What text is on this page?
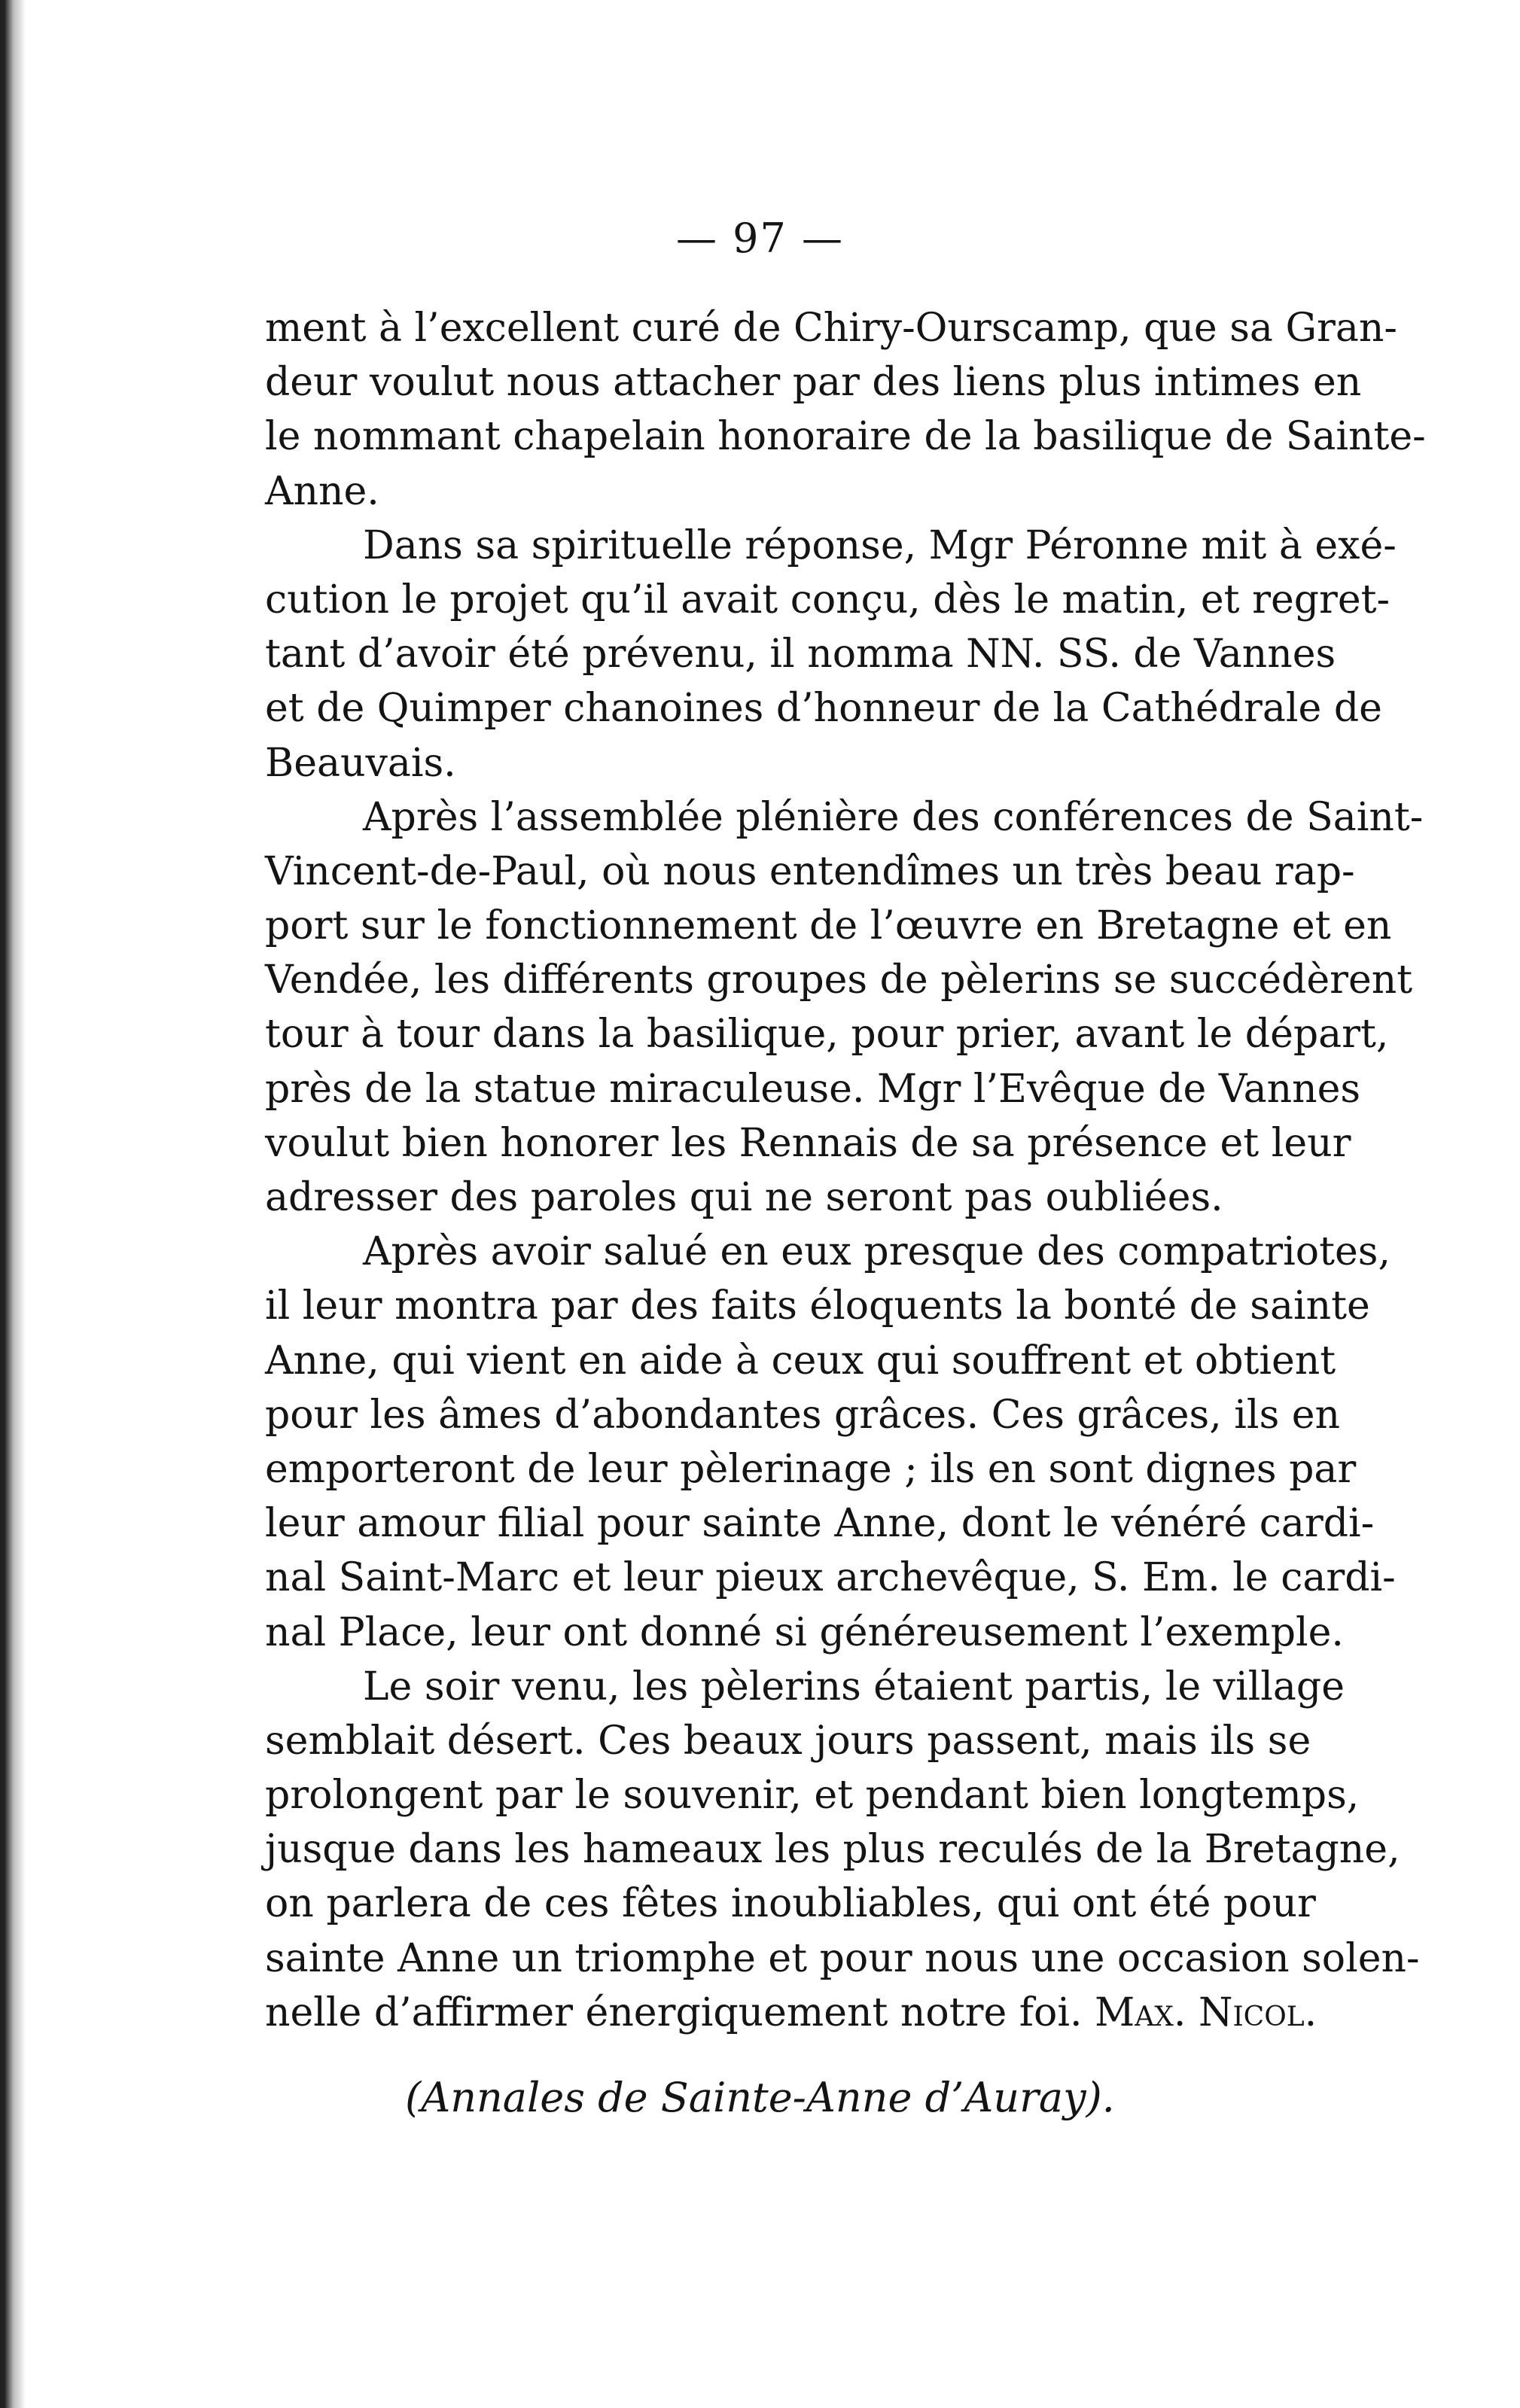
— 97 —
ment à l’excellent curé de Chiry-Ourscamp, que sa Gran-
deur voulut nous attacher par des liens plus intimes en
le nommant chapelain honoraire de la basilique de Sainte-
Anne.
Dans sa spirituelle réponse, Mgr Péronne mit à exé-
cution le projet qu’il avait conçu, dès le matin, et regret-
tant d’avoir été prévenu, il nomma NN. SS. de Vannes
et de Quimper chanoines d’honneur de la Cathédrale de
Beauvais.
Après l’assemblée plénière des conférences de Saint-
Vincent-de-Paul, où nous entendîmes un très beau rap-
port sur le fonctionnement de l’œuvre en Bretagne et en
Vendée, les différents groupes de pèlerins se succédèrent
tour à tour dans la basilique, pour prier, avant le départ,
près de la statue miraculeuse. Mgr l’Evêque de Vannes
voulut bien honorer les Rennais de sa présence et leur
adresser des paroles qui ne seront pas oubliées.
Après avoir salué en eux presque des compatriotes,
il leur montra par des faits éloquents la bonté de sainte
Anne, qui vient en aide à ceux qui souffrent et obtient
pour les âmes d’abondantes grâces. Ces grâces, ils en
emporteront de leur pèlerinage ; ils en sont dignes par
leur amour filial pour sainte Anne, dont le vénéré cardi-
nal Saint-Marc et leur pieux archevêque, S. Em. le cardi-
nal Place, leur ont donné si généreusement l’exemple.
Le soir venu, les pèlerins étaient partis, le village
semblait désert. Ces beaux jours passent, mais ils se
prolongent par le souvenir, et pendant bien longtemps,
jusque dans les hameaux les plus reculés de la Bretagne,
on parlera de ces fêtes inoubliables, qui ont été pour
sainte Anne un triomphe et pour nous une occasion solen-
nelle d’affirmer énergiquement notre foi. Max. Nicol.
(Annales de Sainte-Anne d’Auray).
